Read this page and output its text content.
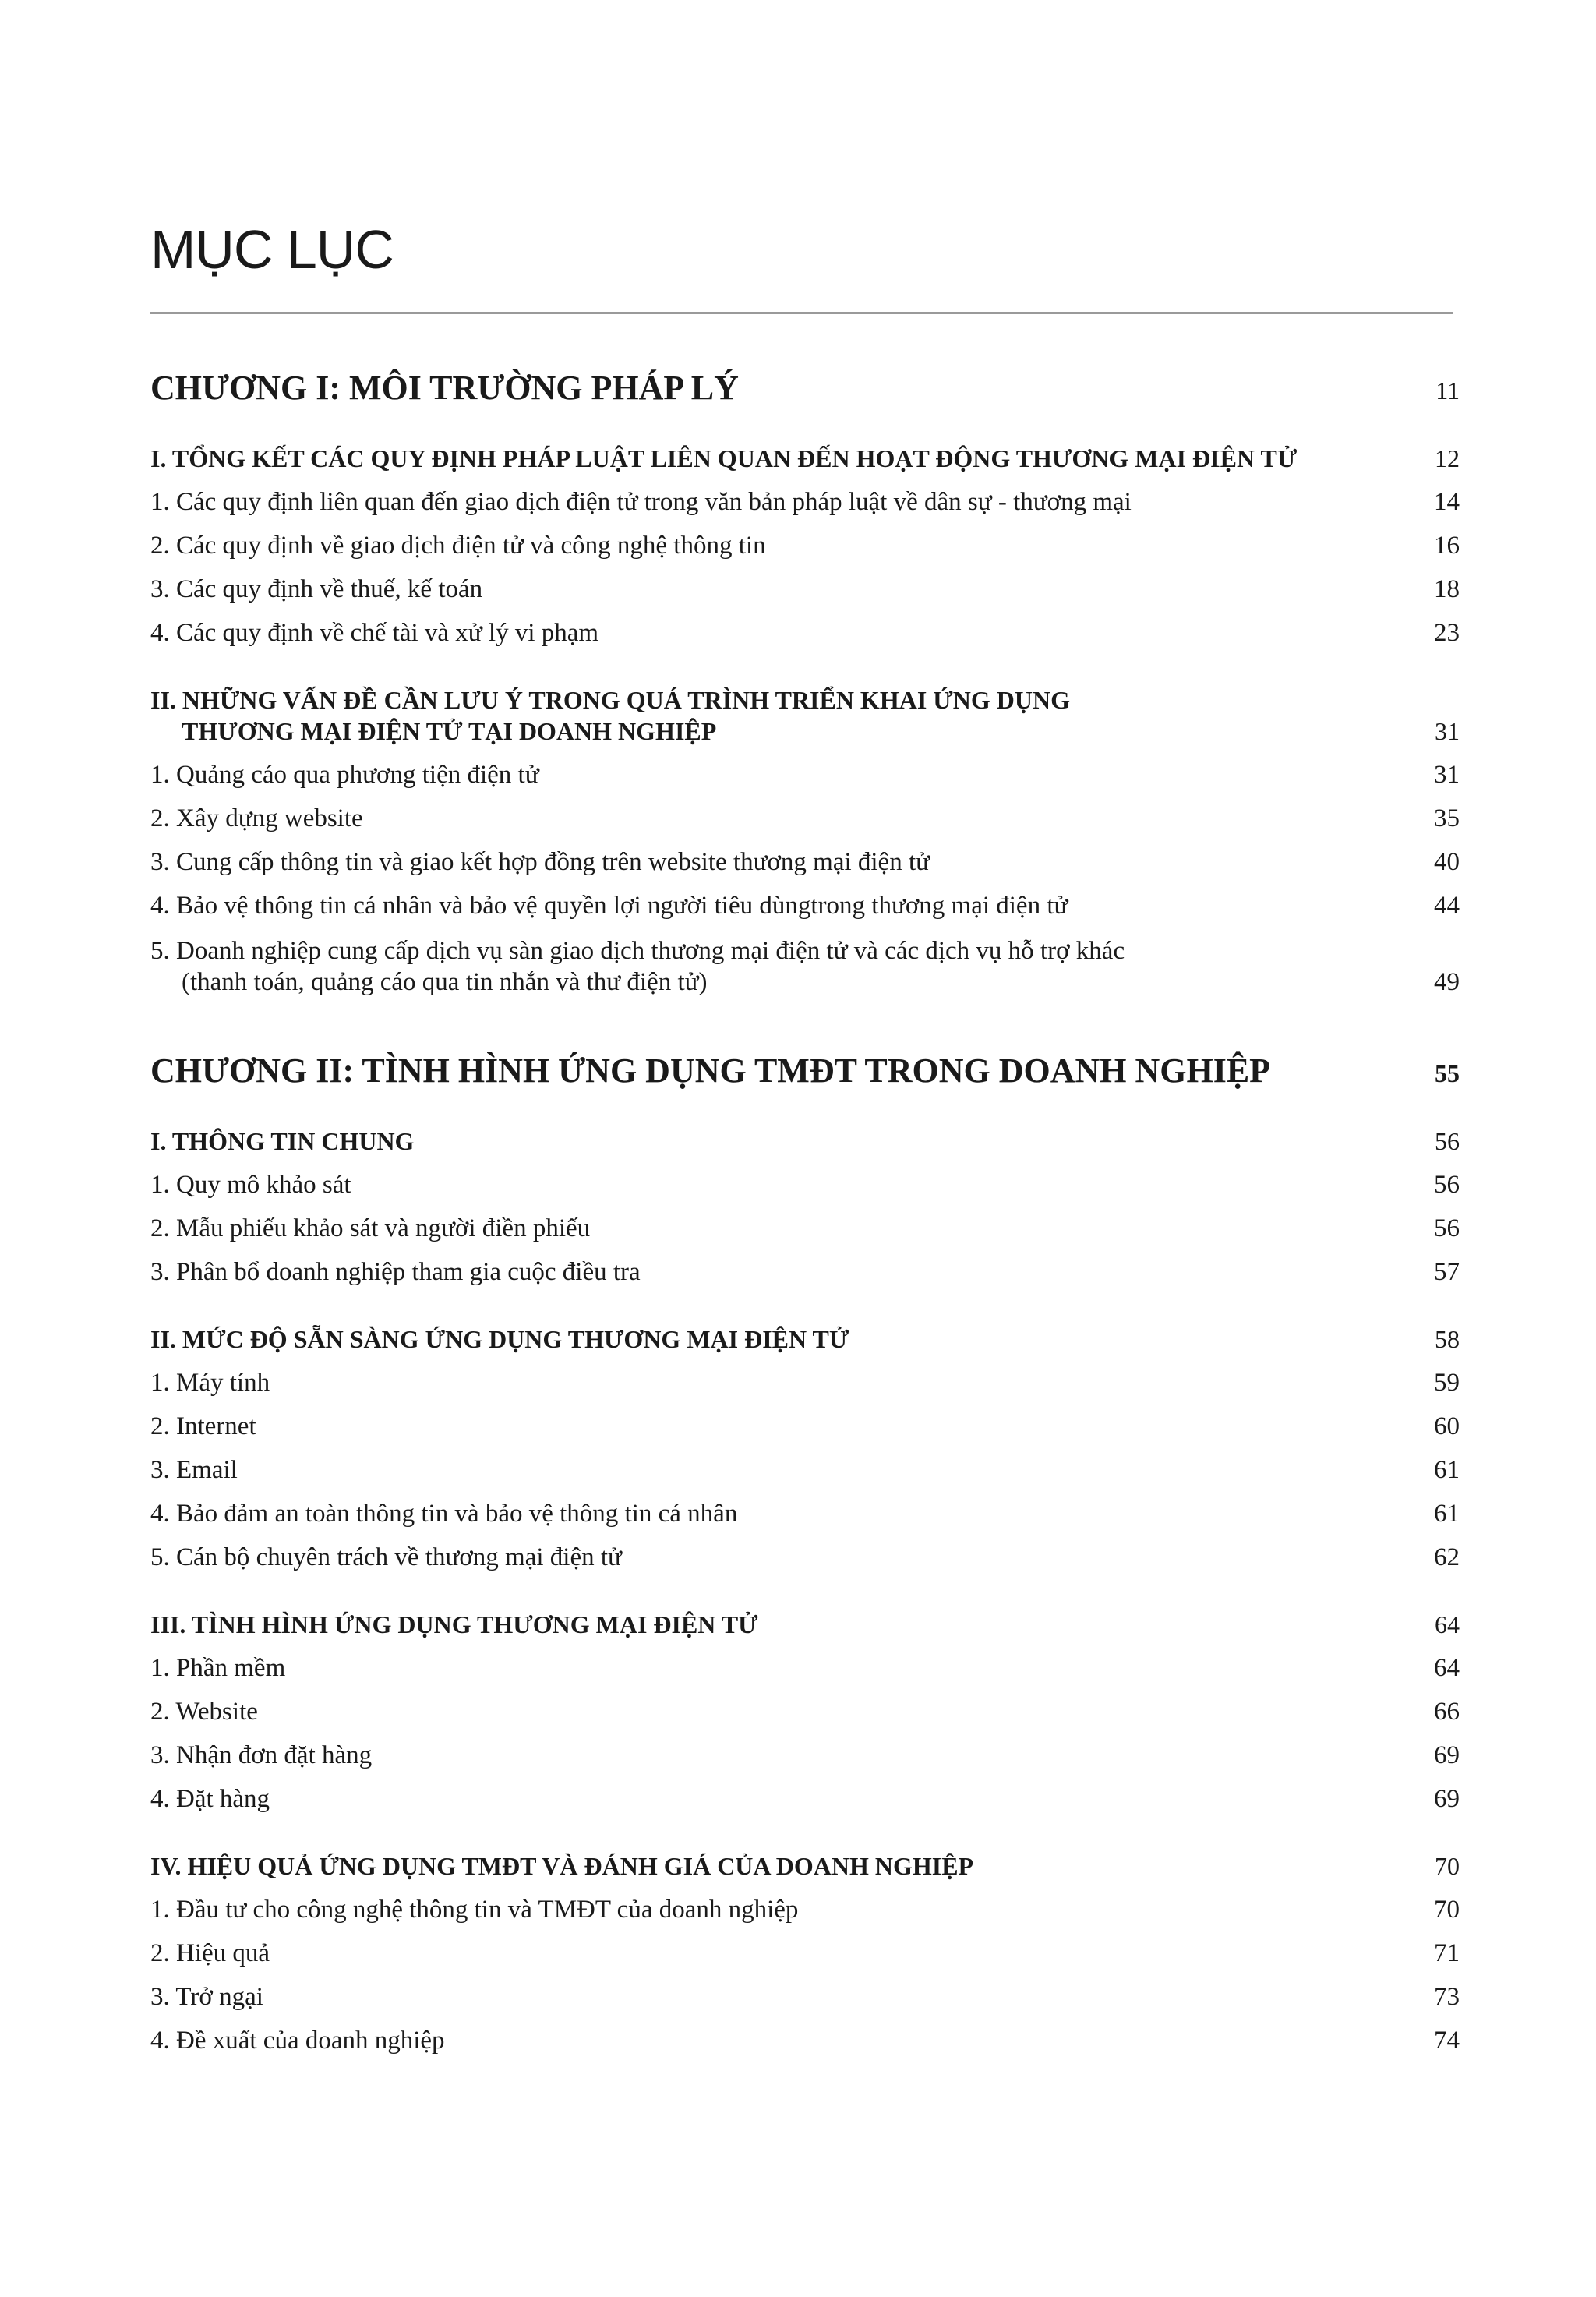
MỤC LỤC
CHƯƠNG I: MÔI TRƯỜNG PHÁP LÝ	11
I. TỔNG KẾT CÁC QUY ĐỊNH PHÁP LUẬT LIÊN QUAN ĐẾN HOẠT ĐỘNG THƯƠNG MẠI ĐIỆN TỬ	12
1. Các quy định liên quan đến giao dịch điện tử trong văn bản pháp luật về dân sự - thương mại	14
2. Các quy định về giao dịch điện tử và công nghệ thông tin	16
3. Các quy định về thuế, kế toán	18
4. Các quy định về chế tài và xử lý vi phạm	23
II. NHỮNG VẤN ĐỀ CẦN LƯU Ý TRONG QUÁ TRÌNH TRIỂN KHAI ỨNG DỤNG
THƯƠNG MẠI ĐIỆN TỬ TẠI DOANH NGHIỆP	31
1. Quảng cáo qua phương tiện điện tử	31
2. Xây dựng website	35
3. Cung cấp thông tin và giao kết hợp đồng trên website thương mại điện tử	40
4. Bảo vệ thông tin cá nhân và bảo vệ quyền lợi người tiêu dùngtrong thương mại điện tử	44
5. Doanh nghiệp cung cấp dịch vụ sàn giao dịch thương mại điện tử và các dịch vụ hỗ trợ khác
(thanh toán, quảng cáo qua tin nhắn và thư điện tử)	49
CHƯƠNG II: TÌNH HÌNH ỨNG DỤNG TMĐT TRONG DOANH NGHIỆP	55
I. THÔNG TIN CHUNG	56
1. Quy mô khảo sát	56
2. Mẫu phiếu khảo sát và người điền phiếu	56
3. Phân bổ doanh nghiệp tham gia cuộc điều tra	57
II. MỨC ĐỘ SẴN SÀNG ỨNG DỤNG THƯƠNG MẠI ĐIỆN TỬ	58
1. Máy tính	59
2. Internet	60
3. Email	61
4. Bảo đảm an toàn thông tin và bảo vệ thông tin cá nhân	61
5. Cán bộ chuyên trách về thương mại điện tử	62
III. TÌNH HÌNH ỨNG DỤNG THƯƠNG MẠI ĐIỆN TỬ	64
1. Phần mềm	64
2. Website	66
3. Nhận đơn đặt hàng	69
4. Đặt hàng	69
IV. HIỆU QUẢ ỨNG DỤNG TMĐT VÀ ĐÁNH GIÁ CỦA DOANH NGHIỆP	70
1. Đầu tư cho công nghệ thông tin và TMĐT của doanh nghiệp	70
2. Hiệu quả	71
3. Trở ngại	73
4. Đề xuất của doanh nghiệp	74
